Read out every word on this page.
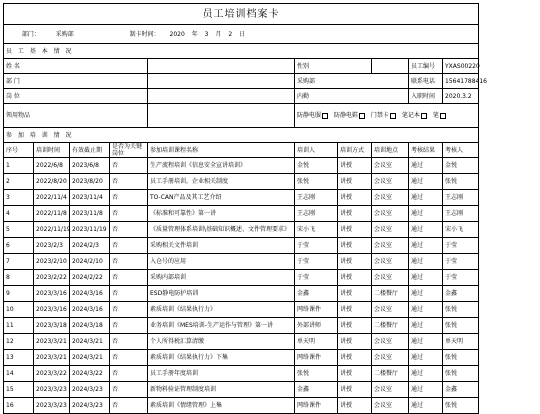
员工培训档案卡									
部门： 采购部 制卡时间： 2020 年 3 月 2 日									
员 工 基 本 情 况									
姓 名					性别			员工编号	YXAS00220
部 门					采购部			联系电话	15641788416
岗 位					内勤			入职时间	2020.3.2
领用物品					防静电服 防静电鞋 门禁卡 笔记本 笔				
参 加 培 训 情 况									
序号	培训时间	有效截止期	是否为关键岗位	参加培训课程名称	培训人	培训方式	培训地点	考核结果	考核人
1	2022/6/8	2023/6/8	否	生产流程培训《信息安全宣讲培训》	金悦	讲授	会议室	通过	金悦
2	2022/8/20	2023/8/20	否	员工手册培训，企业相关制度	张悦	讲授	会议室	通过	张悦
3	2022/11/4	2023/11/4	否	TO-CAN产品及其工艺介绍	王志刚	讲授	会议室	通过	王志刚
4	2022/11/8	2023/11/8	否	《标准和可靠性》第一讲	王志刚	讲授	会议室	通过	王志刚
5	2022/11/19	2023/11/19	否	《质量管理体系培训\基础知识概述、文件管理要求》	宋小飞	讲授	会议室	通过	宋小飞
6	2023/2/3	2024/2/3	否	采购相关文件培训	于莹	讲授	会议室	通过	于莹
7	2023/2/10	2024/2/10	否	入仓号的应用	于莹	讲授	会议室	通过	于莹
8	2023/2/22	2024/2/22	否	采购内部培训	于莹	讲授	会议室	通过	于莹
9	2023/3/16	2024/3/16	否	ESD静电防护培训	金鑫	讲授	二楼餐厅	通过	金鑫
10	2023/3/16	2024/3/16	否	素质培训《结果执行力》	网络课件	讲授	会议室	通过	张悦
11	2023/3/18	2024/3/18	否	业务培训《MES培训-生产运作与管理》第一讲	外部讲师	讲授	二楼餐厅	通过	张悦
12	2023/3/21	2024/3/21	否	个人所得税汇算清缴	单天明	讲授	会议室	通过	单天明
13	2023/3/21	2024/3/21	否	素质培训《结果执行力》下集	网络课件	讲授	会议室	通过	张悦
14	2023/3/22	2024/3/22	否	员工手册年度培训	张悦	讲授	二楼餐厅	通过	张悦
15	2023/3/23	2024/3/23	否	新物料验证管理制度培训	金鑫	讲授	会议室	通过	金鑫
16	2023/3/23	2024/3/23	否	素质培训《情绪管理》上集	网络课件	讲授	会议室	通过	张悦
